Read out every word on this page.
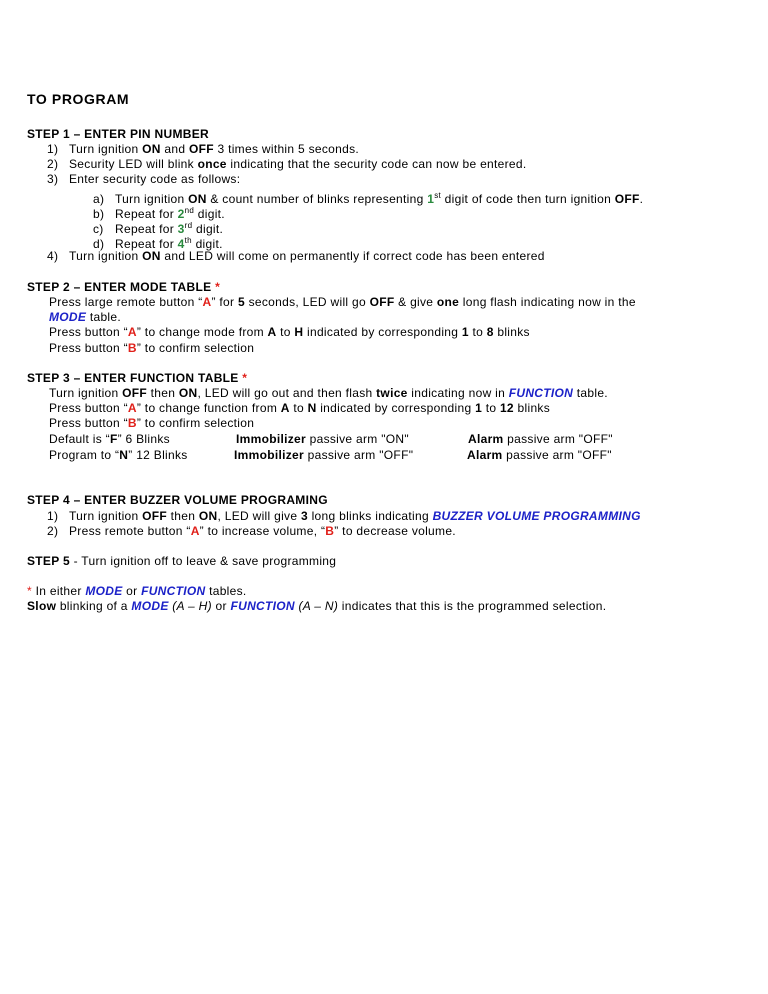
TO PROGRAM
STEP 1 – ENTER PIN NUMBER
1) Turn ignition ON and OFF 3 times within 5 seconds.
2) Security LED will blink once indicating that the security code can now be entered.
3) Enter security code as follows:
a) Turn ignition ON & count number of blinks representing 1st digit of code then turn ignition OFF.
b) Repeat for 2nd digit.
c) Repeat for 3rd digit.
d) Repeat for 4th digit.
4) Turn ignition ON and LED will come on permanently if correct code has been entered
STEP 2 – ENTER MODE TABLE *
Press large remote button “A” for 5 seconds, LED will go OFF & give one long flash indicating now in the
MODE table.
Press button “A” to change mode from A to H indicated by corresponding 1 to 8 blinks
Press button “B” to confirm selection
STEP 3 – ENTER FUNCTION TABLE *
Turn ignition OFF then ON, LED will go out and then flash twice indicating now in FUNCTION table.
Press button “A” to change function from A to N indicated by corresponding 1 to 12 blinks
Press button “B” to confirm selection
Default is “F” 6 Blinks	Immobilizer passive arm "ON"	Alarm passive arm "OFF"
Program to “N” 12 Blinks	Immobilizer passive arm "OFF"	Alarm passive arm "OFF"
STEP 4 – ENTER BUZZER VOLUME PROGRAMING
1) Turn ignition OFF then ON, LED will give 3 long blinks indicating BUZZER VOLUME PROGRAMMING
2) Press remote button “A” to increase volume, “B” to decrease volume.
STEP 5 - Turn ignition off to leave & save programming
* In either MODE or FUNCTION tables.
Slow blinking of a MODE (A – H) or FUNCTION (A – N) indicates that this is the programmed selection.
